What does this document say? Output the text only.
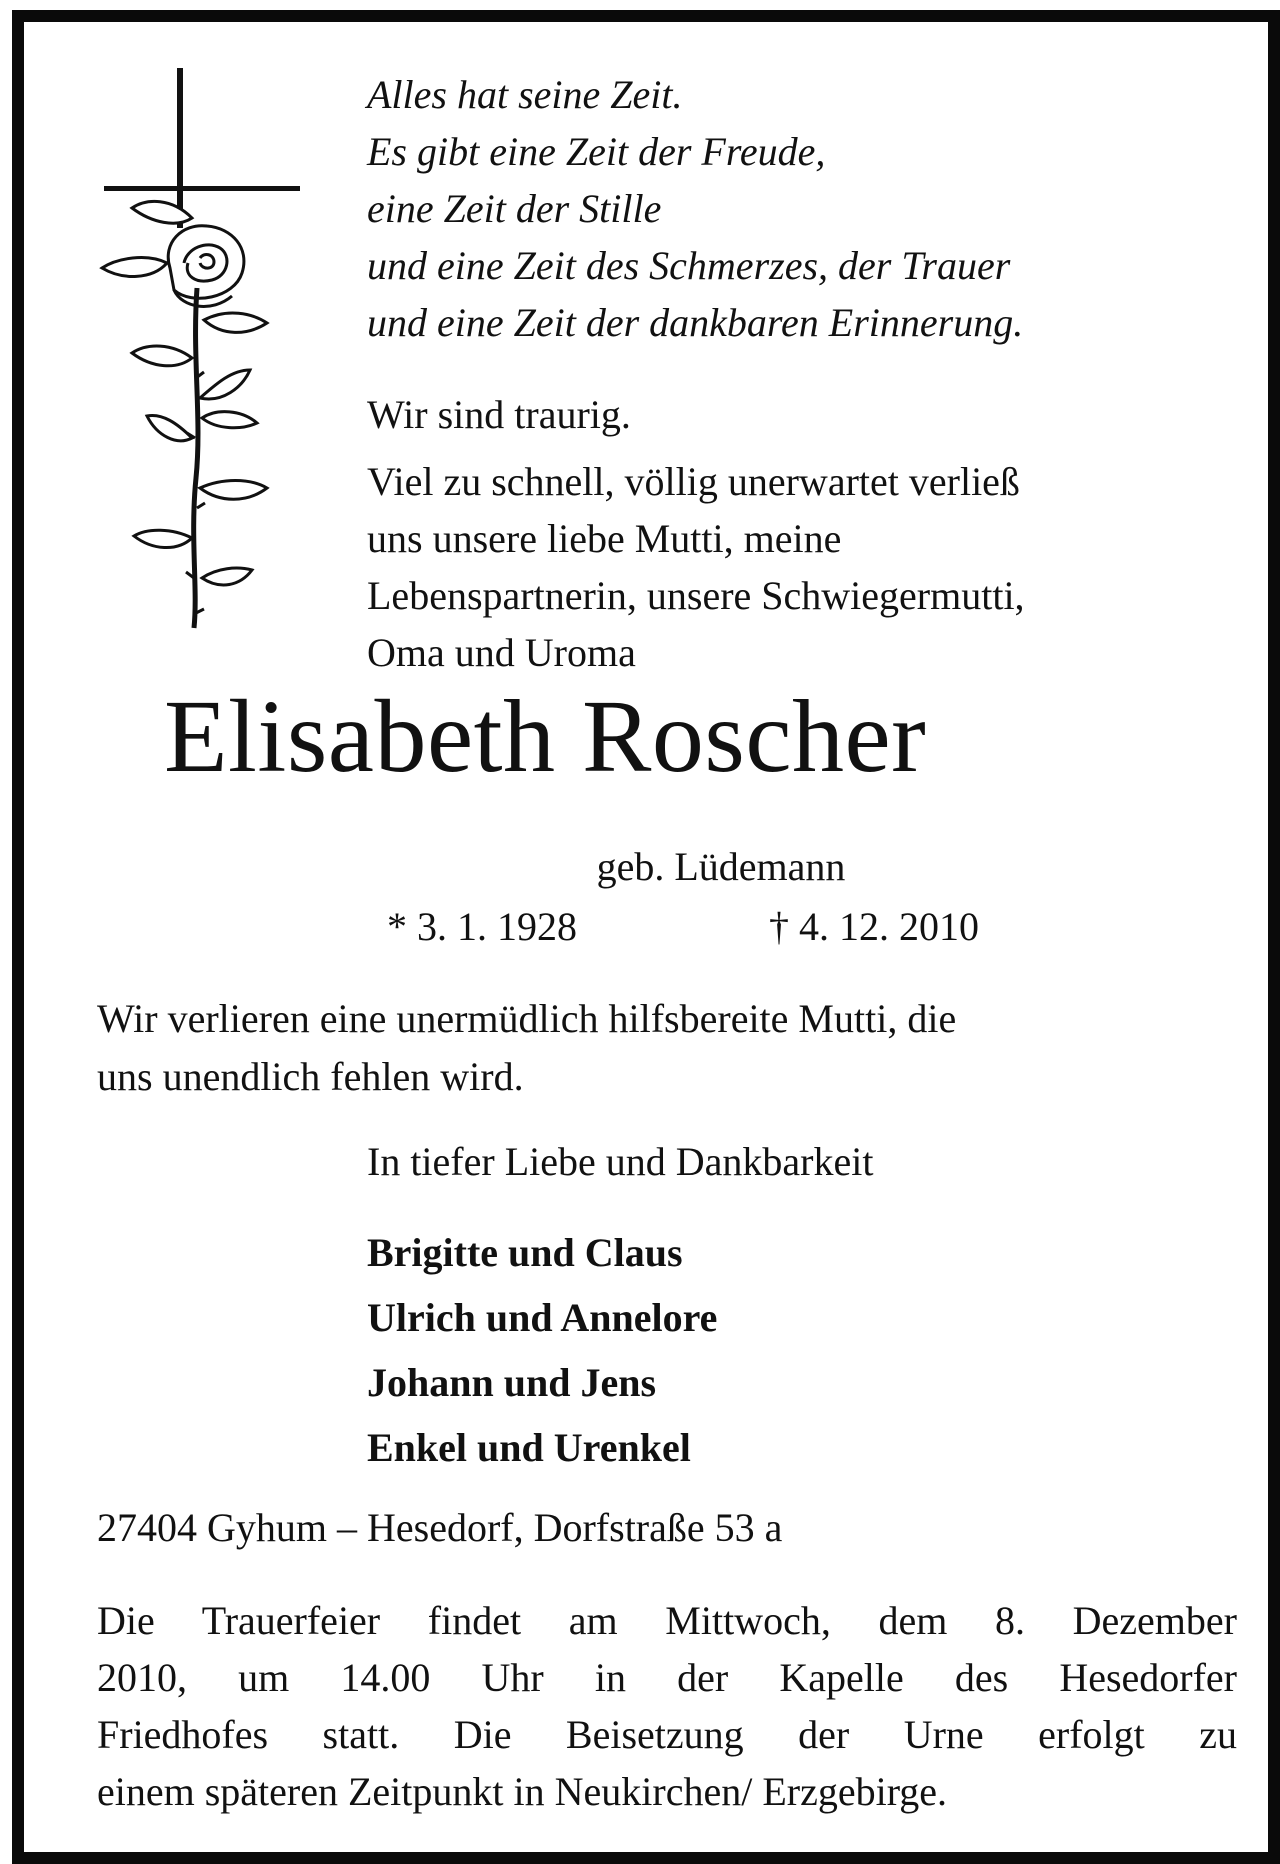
Alles hat seine Zeit.
Es gibt eine Zeit der Freude,
eine Zeit der Stille
und eine Zeit des Schmerzes, der Trauer
und eine Zeit der dankbaren Erinnerung.
Wir sind traurig.
Viel zu schnell, völlig unerwartet verließ
uns unsere liebe Mutti, meine
Lebenspartnerin, unsere Schwiegermutti,
Oma und Uroma
Elisabeth Roscher
geb. Lüdemann
* 3. 1. 1928	† 4. 12. 2010
Wir verlieren eine unermüdlich hilfsbereite Mutti, die
uns unendlich fehlen wird.
In tiefer Liebe und Dankbarkeit
Brigitte und Claus
Ulrich und Annelore
Johann und Jens
Enkel und Urenkel
27404 Gyhum – Hesedorf, Dorfstraße 53 a
Die Trauerfeier findet am Mittwoch, dem 8. Dezember
2010, um 14.00 Uhr in der Kapelle des Hesedorfer
Friedhofes statt. Die Beisetzung der Urne erfolgt zu
einem späteren Zeitpunkt in Neukirchen/ Erzgebirge.
